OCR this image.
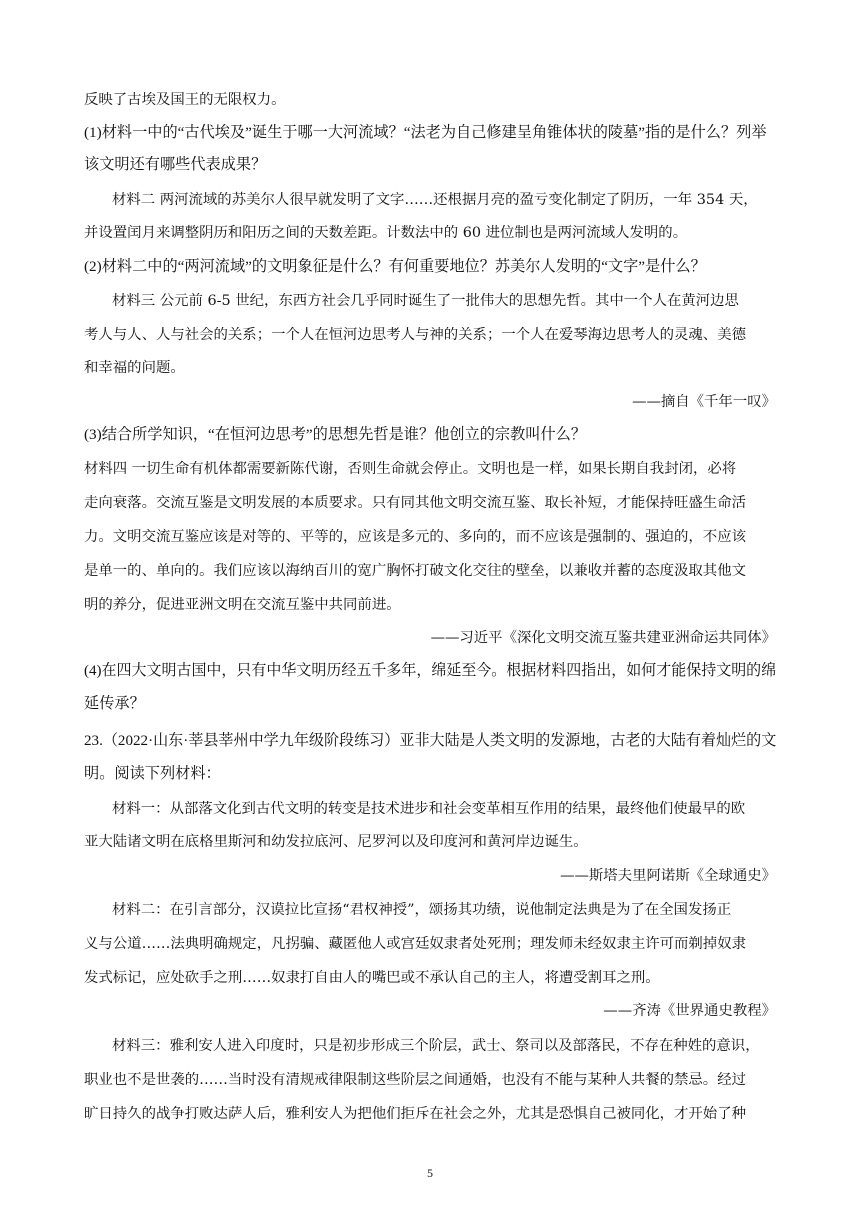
反映了古埃及国王的无限权力。
(1)材料一中的“古代埃及”诞生于哪一大河流域？“法老为自己修建呈角锥体状的陵墓”指的是什么？列举
该文明还有哪些代表成果？
材料二 两河流域的苏美尔人很早就发明了文字……还根据月亮的盈亏变化制定了阴历，一年 354 天，
并设置闰月来调整阴历和阳历之间的天数差距。计数法中的 60 进位制也是两河流域人发明的。
(2)材料二中的“两河流域”的文明象征是什么？有何重要地位？苏美尔人发明的“文字”是什么？
材料三 公元前 6-5 世纪，东西方社会几乎同时诞生了一批伟大的思想先哲。其中一个人在黄河边思
考人与人、人与社会的关系；一个人在恒河边思考人与神的关系；一个人在爱琴海边思考人的灵魂、美德
和幸福的问题。
——摘自《千年一叹》
(3)结合所学知识，“在恒河边思考”的思想先哲是谁？他创立的宗教叫什么？
材料四 一切生命有机体都需要新陈代谢，否则生命就会停止。文明也是一样，如果长期自我封闭，必将
走向衰落。交流互鉴是文明发展的本质要求。只有同其他文明交流互鉴、取长补短，才能保持旺盛生命活
力。文明交流互鉴应该是对等的、平等的，应该是多元的、多向的，而不应该是强制的、强迫的，不应该
是单一的、单向的。我们应该以海纳百川的宽广胸怀打破文化交往的壁垒，以兼收并蓄的态度汲取其他文
明的养分，促进亚洲文明在交流互鉴中共同前进。
——习近平《深化文明交流互鉴共建亚洲命运共同体》
(4)在四大文明古国中，只有中华文明历经五千多年，绵延至今。根据材料四指出，如何才能保持文明的绵
延传承？
23.（2022·山东·莘县莘州中学九年级阶段练习）亚非大陆是人类文明的发源地，古老的大陆有着灿烂的文
明。阅读下列材料：
材料一：从部落文化到古代文明的转变是技术进步和社会变革相互作用的结果，最终他们使最早的欧
亚大陆诸文明在底格里斯河和幼发拉底河、尼罗河以及印度河和黄河岸边诞生。
——斯塔夫里阿诺斯《全球通史》
材料二：在引言部分，汉谟拉比宣扬“君权神授”，颂扬其功绩，说他制定法典是为了在全国发扬正
义与公道……法典明确规定，凡拐骗、藏匿他人或宫廷奴隶者处死刑；理发师未经奴隶主许可而剃掉奴隶
发式标记，应处砍手之刑……奴隶打自由人的嘴巴或不承认自己的主人，将遭受割耳之刑。
——齐涛《世界通史教程》
材料三：雅利安人进入印度时，只是初步形成三个阶层，武士、祭司以及部落民，不存在种姓的意识，
职业也不是世袭的……当时没有清规戒律限制这些阶层之间通婚，也没有不能与某种人共餐的禁忌。经过
旷日持久的战争打败达萨人后，雅利安人为把他们拒斥在社会之外，尤其是恐惧自己被同化，才开始了种
5
